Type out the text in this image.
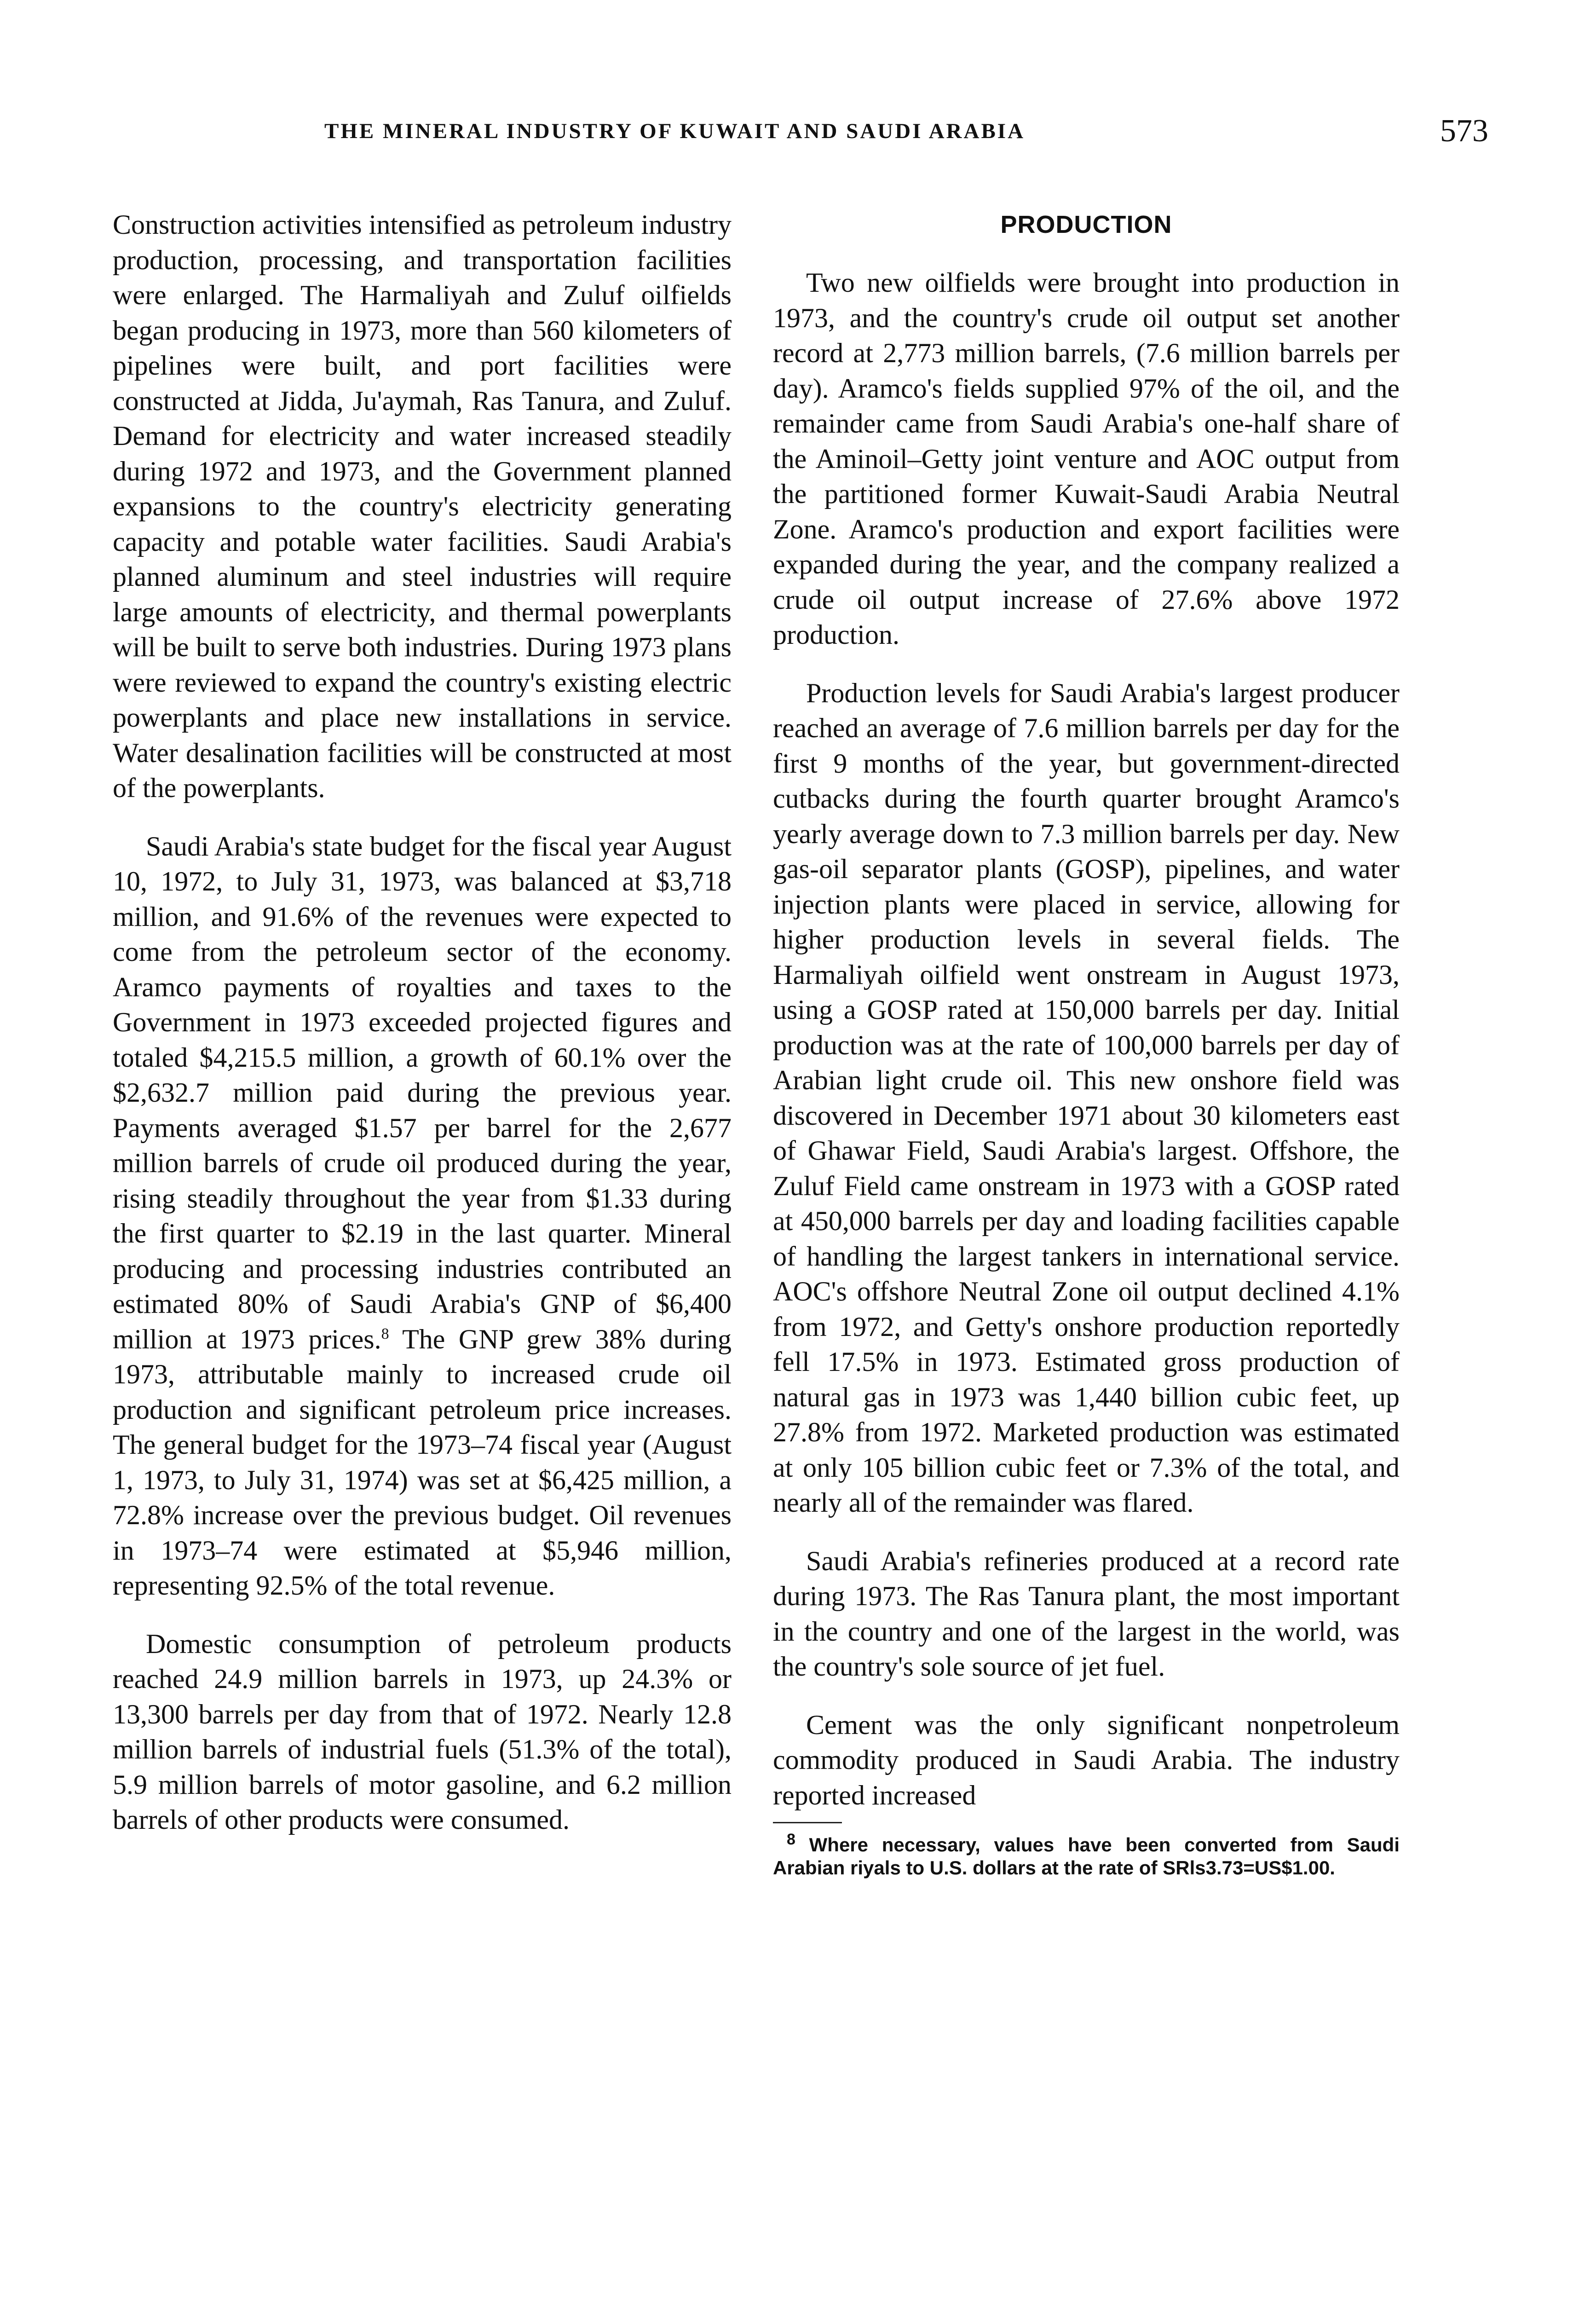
THE MINERAL INDUSTRY OF KUWAIT AND SAUDI ARABIA	573

Construction activities intensified as petroleum industry production, processing, and transportation facilities were enlarged. The Harmaliyah and Zuluf oilfields began producing in 1973, more than 560 kilometers of pipelines were built, and port facilities were constructed at Jidda, Ju'aymah, Ras Tanura, and Zuluf. Demand for electricity and water increased steadily during 1972 and 1973, and the Government planned expansions to the country's electricity generating capacity and potable water facilities. Saudi Arabia's planned aluminum and steel industries will require large amounts of electricity, and thermal powerplants will be built to serve both industries. During 1973 plans were reviewed to expand the country's existing electric powerplants and place new installations in service. Water desalination facilities will be constructed at most of the powerplants.

Saudi Arabia's state budget for the fiscal year August 10, 1972, to July 31, 1973, was balanced at $3,718 million, and 91.6% of the revenues were expected to come from the petroleum sector of the economy. Aramco payments of royalties and taxes to the Government in 1973 exceeded projected figures and totaled $4,215.5 million, a growth of 60.1% over the $2,632.7 million paid during the previous year. Payments averaged $1.57 per barrel for the 2,677 million barrels of crude oil produced during the year, rising steadily throughout the year from $1.33 during the first quarter to $2.19 in the last quarter. Mineral producing and processing industries contributed an estimated 80% of Saudi Arabia's GNP of $6,400 million at 1973 prices.$^8$ The GNP grew 38% during 1973, attributable mainly to increased crude oil production and significant petroleum price increases. The general budget for the 1973–74 fiscal year (August 1, 1973, to July 31, 1974) was set at $6,425 million, a 72.8% increase over the previous budget. Oil revenues in 1973–74 were estimated at $5,946 million, representing 92.5% of the total revenue.

Domestic consumption of petroleum products reached 24.9 million barrels in 1973, up 24.3% or 13,300 barrels per day from that of 1972. Nearly 12.8 million barrels of industrial fuels (51.3% of the total), 5.9 million barrels of motor gasoline, and 6.2 million barrels of other products were consumed.

PRODUCTION

Two new oilfields were brought into production in 1973, and the country's crude oil output set another record at 2,773 million barrels, (7.6 million barrels per day). Aramco's fields supplied 97% of the oil, and the remainder came from Saudi Arabia's one-half share of the Aminoil–Getty joint venture and AOC output from the partitioned former Kuwait-Saudi Arabia Neutral Zone. Aramco's production and export facilities were expanded during the year, and the company realized a crude oil output increase of 27.6% above 1972 production.

Production levels for Saudi Arabia's largest producer reached an average of 7.6 million barrels per day for the first 9 months of the year, but government-directed cutbacks during the fourth quarter brought Aramco's yearly average down to 7.3 million barrels per day. New gas-oil separator plants (GOSP), pipelines, and water injection plants were placed in service, allowing for higher production levels in several fields. The Harmaliyah oilfield went onstream in August 1973, using a GOSP rated at 150,000 barrels per day. Initial production was at the rate of 100,000 barrels per day of Arabian light crude oil. This new onshore field was discovered in December 1971 about 30 kilometers east of Ghawar Field, Saudi Arabia's largest. Offshore, the Zuluf Field came onstream in 1973 with a GOSP rated at 450,000 barrels per day and loading facilities capable of handling the largest tankers in international service. AOC's offshore Neutral Zone oil output declined 4.1% from 1972, and Getty's onshore production reportedly fell 17.5% in 1973. Estimated gross production of natural gas in 1973 was 1,440 billion cubic feet, up 27.8% from 1972. Marketed production was estimated at only 105 billion cubic feet or 7.3% of the total, and nearly all of the remainder was flared.

Saudi Arabia's refineries produced at a record rate during 1973. The Ras Tanura plant, the most important in the country and one of the largest in the world, was the country's sole source of jet fuel.

Cement was the only significant nonpetroleum commodity produced in Saudi Arabia. The industry reported increased

$^8$ Where necessary, values have been converted from Saudi Arabian riyals to U.S. dollars at the rate of SRls3.73=US$1.00.
